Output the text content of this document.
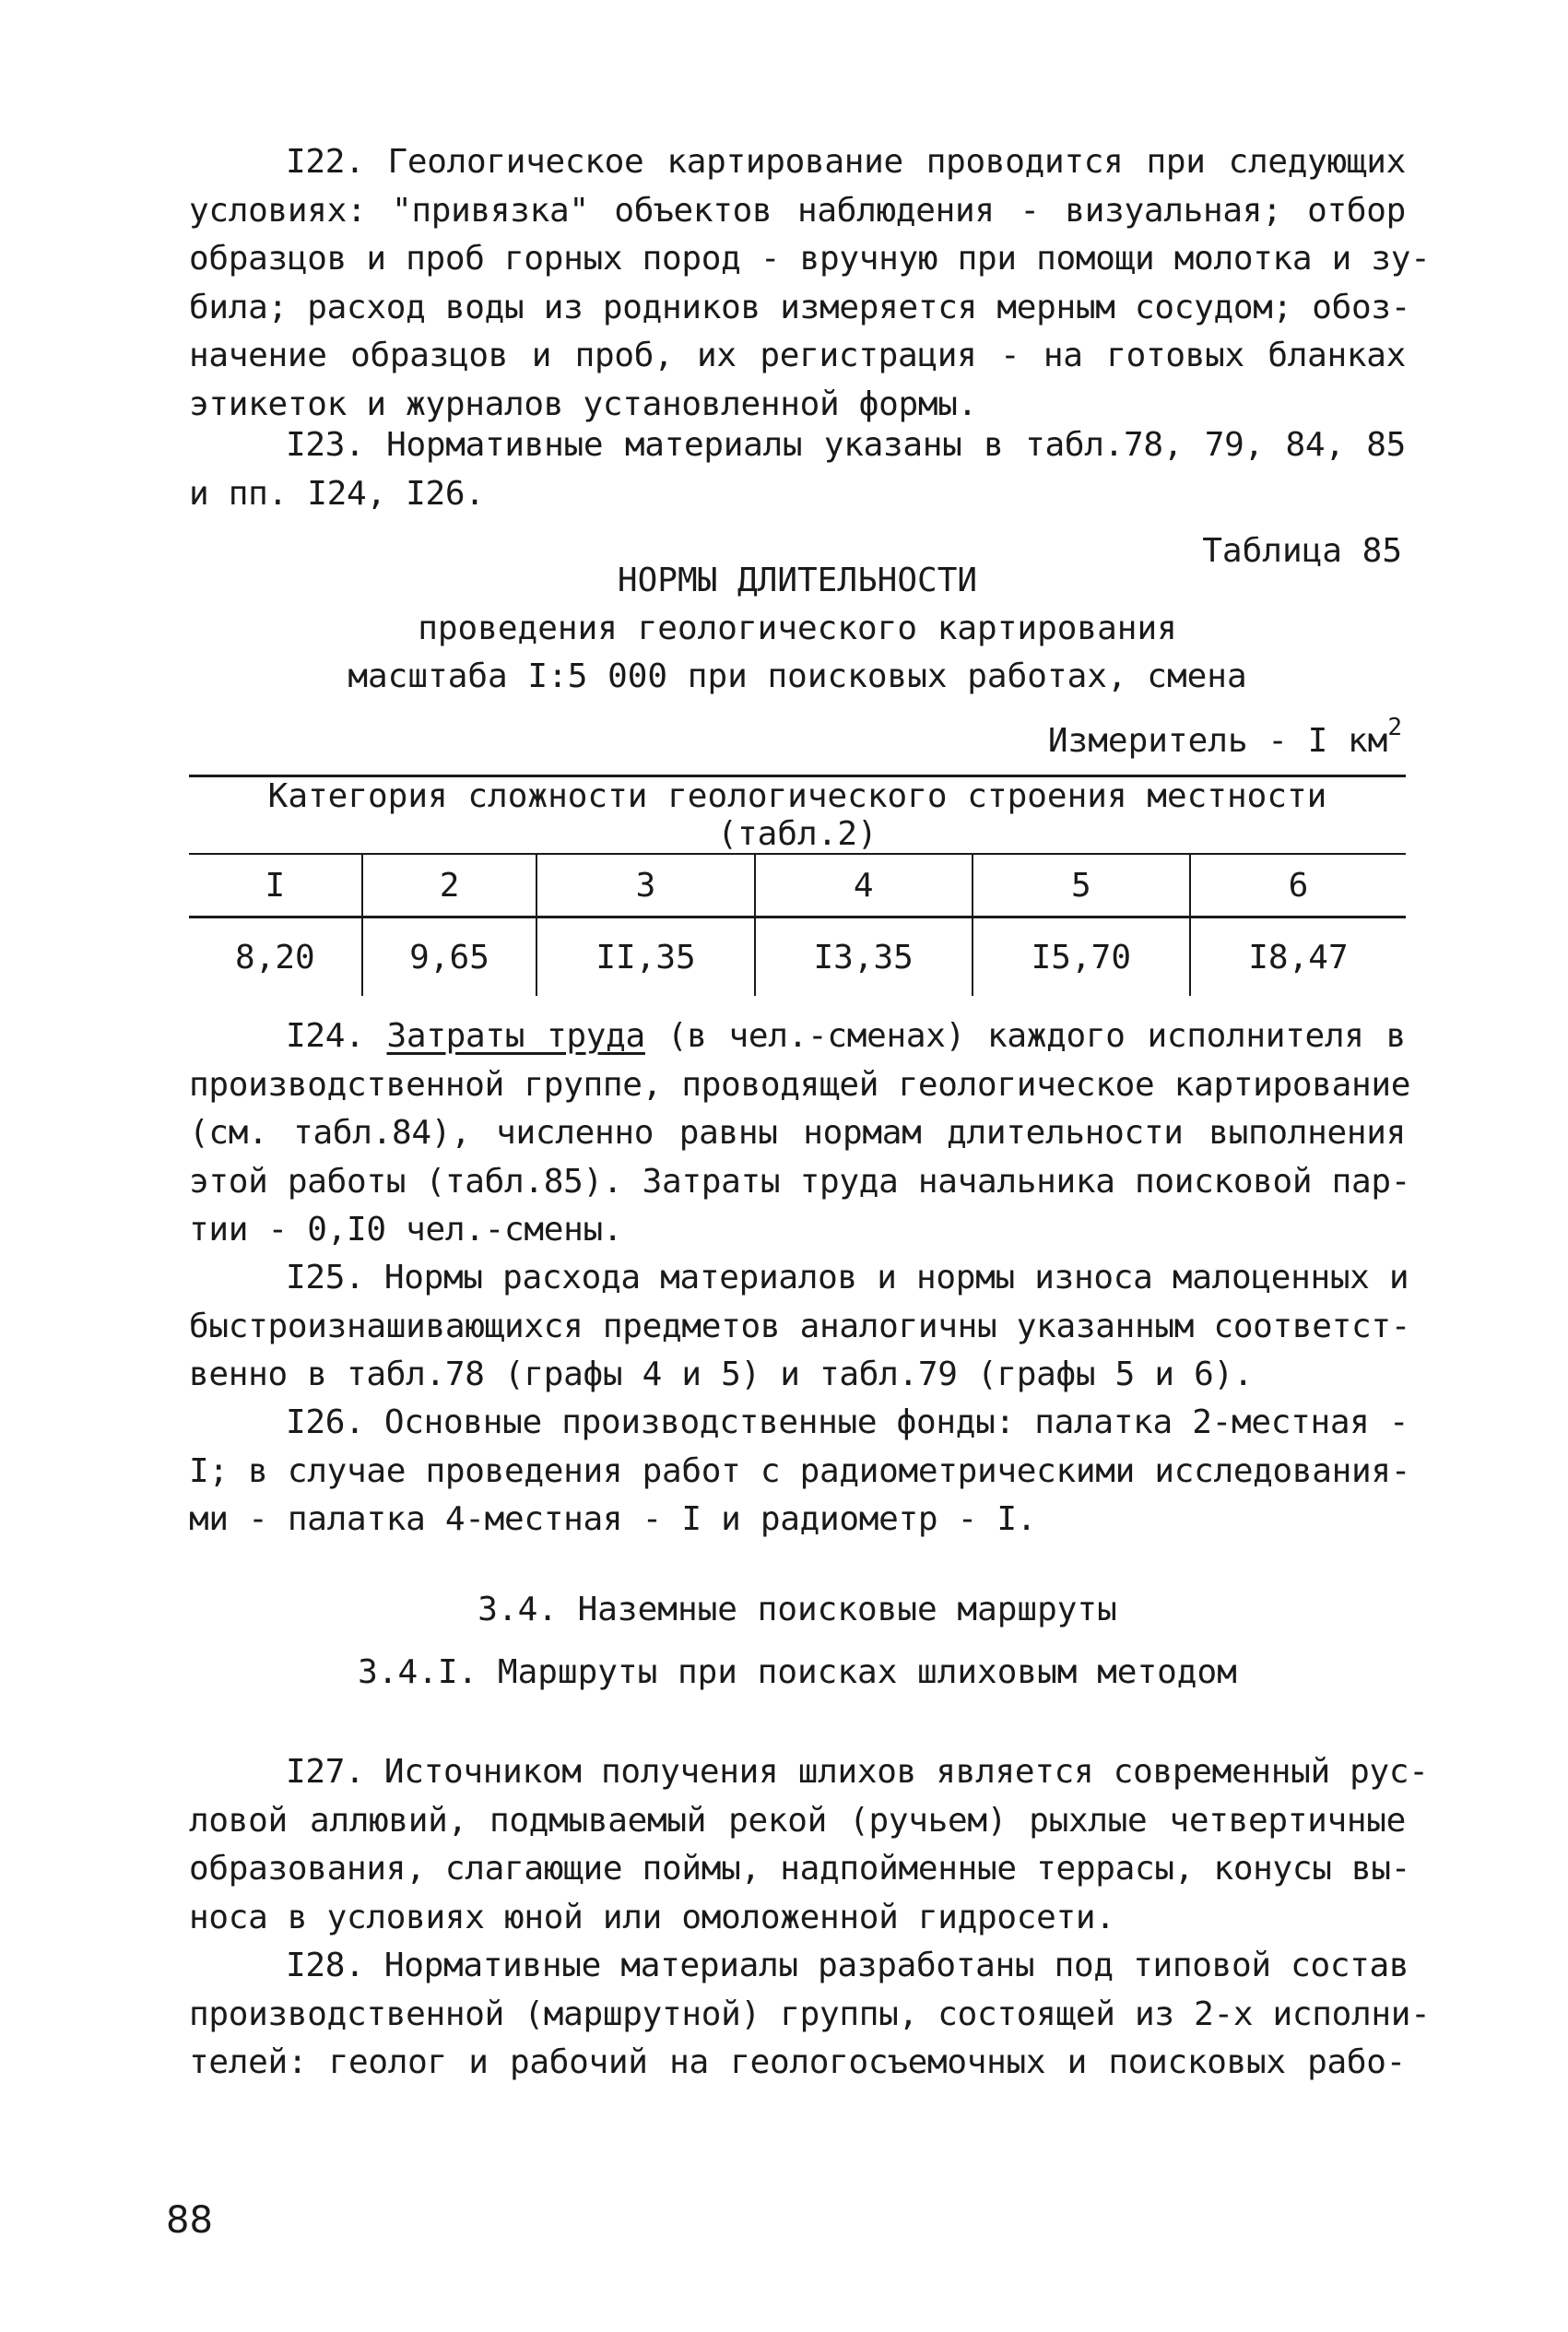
I22. Геологическое картирование проводится при следующих
условиях: "привязка" объектов наблюдения - визуальная; отбор
образцов и проб горных пород - вручную при помощи молотка и зу-
била; расход воды из родников измеряется мерным сосудом; обоз-
начение образцов и проб, их регистрация - на готовых бланках
этикеток и журналов установленной формы.
I23. Нормативные материалы указаны в табл.78, 79, 84, 85
и пп. I24, I26.
Таблица 85
НОРМЫ ДЛИТЕЛЬНОСТИ
проведения геологического картирования
масштаба I:5 000 при поисковых работах, смена
Измеритель - I $км^2$
Категория сложности геологического строения местности (табл.2)					
I	2	3	4	5	6
8,20	9,65	II,35	I3,35	I5,70	I8,47
I24. Затраты труда (в чел.-сменах) каждого исполнителя в
производственной группе, проводящей геологическое картирование
(см. табл.84), численно равны нормам длительности выполнения
этой работы (табл.85). Затраты труда начальника поисковой пар-
тии - 0,I0 чел.-смены.
I25. Нормы расхода материалов и нормы износа малоценных и
быстроизнашивающихся предметов аналогичны указанным соответст-
венно в табл.78 (графы 4 и 5) и табл.79 (графы 5 и 6).
I26. Основные производственные фонды: палатка 2-местная -
I; в случае проведения работ с радиометрическими исследования-
ми - палатка 4-местная - I и радиометр - I.
3.4. Наземные поисковые маршруты
3.4.I. Маршруты при поисках шлиховым методом
I27. Источником получения шлихов является современный рус-
ловой аллювий, подмываемый рекой (ручьем) рыхлые четвертичные
образования, слагающие поймы, надпойменные террасы, конусы вы-
носа в условиях юной или омоложенной гидросети.
I28. Нормативные материалы разработаны под типовой состав
производственной (маршрутной) группы, состоящей из 2-х исполни-
телей: геолог и рабочий на геологосъемочных и поисковых рабо-
88
